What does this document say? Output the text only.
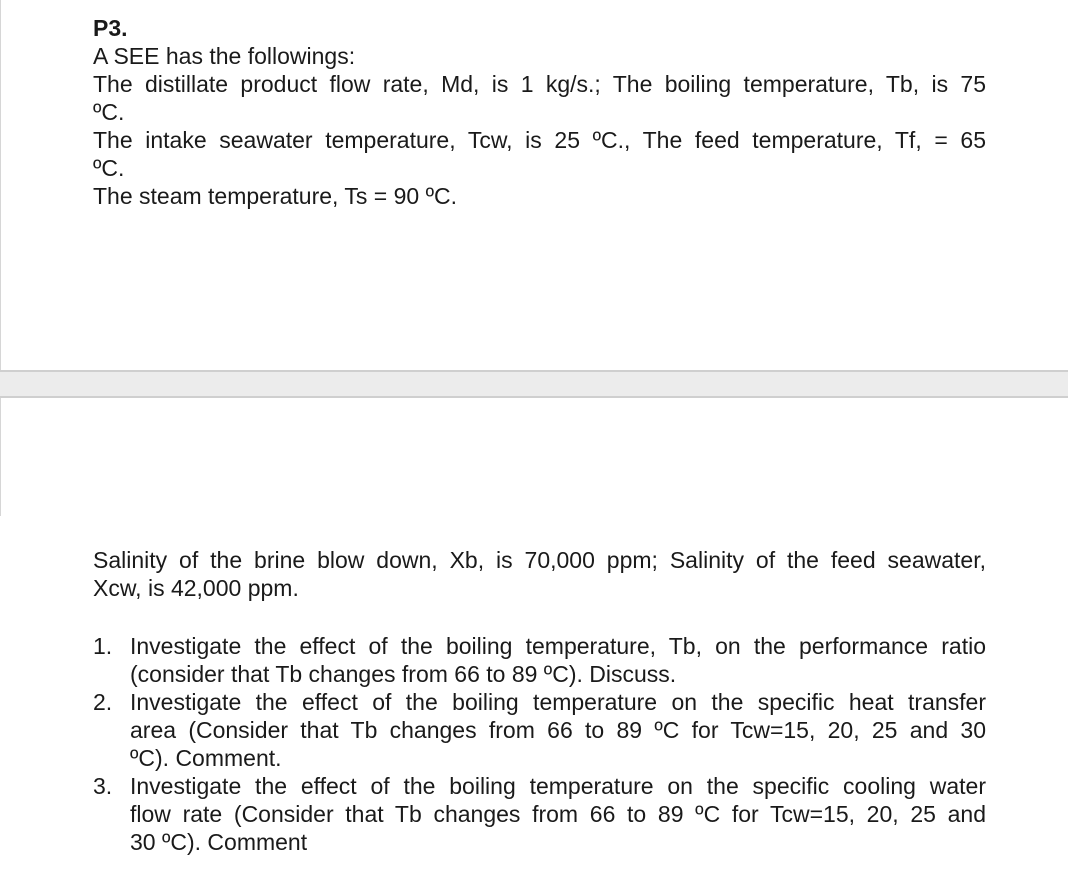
P3.
A SEE has the followings:
The distillate product flow rate, Md, is 1 kg/s.; The boiling temperature, Tb, is 75
ºC.
The intake seawater temperature, Tcw, is 25 ºC., The feed temperature, Tf, = 65
ºC.
The steam temperature, Ts = 90 ºC.
Salinity of the brine blow down, Xb, is 70,000 ppm; Salinity of the feed seawater,
Xcw, is 42,000 ppm.
1. Investigate the effect of the boiling temperature, Tb, on the performance ratio
(consider that Tb changes from 66 to 89 ºC). Discuss.
2. Investigate the effect of the boiling temperature on the specific heat transfer
area (Consider that Tb changes from 66 to 89 ºC for Tcw=15, 20, 25 and 30
ºC). Comment.
3. Investigate the effect of the boiling temperature on the specific cooling water
flow rate (Consider that Tb changes from 66 to 89 ºC for Tcw=15, 20, 25 and
30 ºC). Comment
